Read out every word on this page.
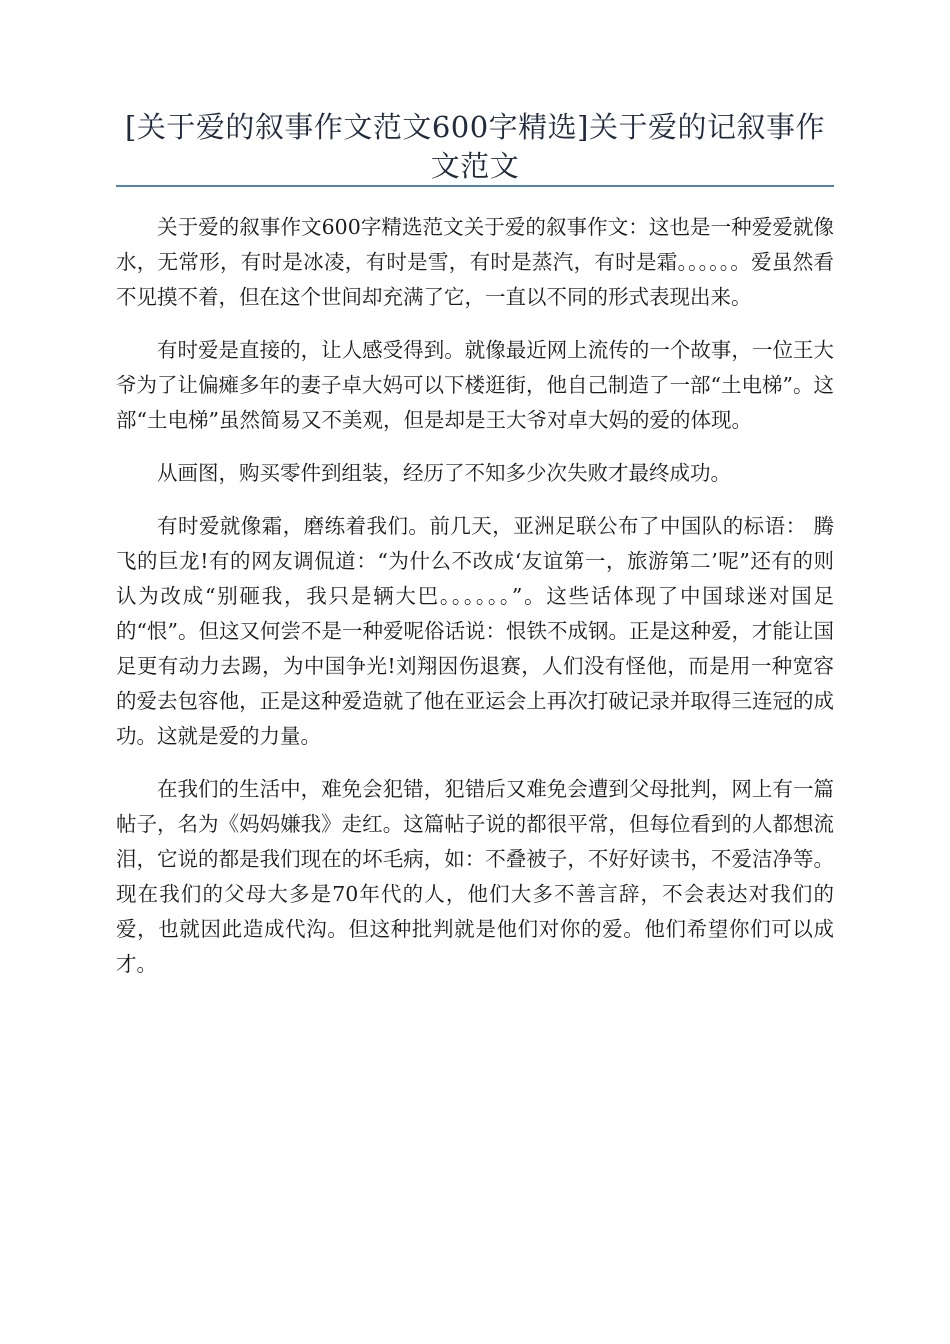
[关于爱的叙事作文范文600字精选]关于爱的记叙事作文范文

关于爱的叙事作文600字精选范文关于爱的叙事作文：这也是一种爱爱就像水，无常形，有时是冰凌，有时是雪，有时是蒸汽，有时是霜。。。。。。爱虽然看不见摸不着，但在这个世间却充满了它，一直以不同的形式表现出来。

有时爱是直接的，让人感受得到。就像最近网上流传的一个故事，一位王大爷为了让偏瘫多年的妻子卓大妈可以下楼逛街，他自己制造了一部“土电梯”。这部“土电梯”虽然简易又不美观，但是却是王大爷对卓大妈的爱的体现。

从画图，购买零件到组装，经历了不知多少次失败才最终成功。

有时爱就像霜，磨练着我们。前几天，亚洲足联公布了中国队的标语： 腾飞的巨龙!有的网友调侃道：“为什么不改成‘友谊第一，旅游第二’呢”还有的则认为改成“别砸我，我只是辆大巴。。。。。。”。这些话体现了中国球迷对国足的“恨”。但这又何尝不是一种爱呢俗话说：恨铁不成钢。正是这种爱，才能让国足更有动力去踢，为中国争光!刘翔因伤退赛，人们没有怪他，而是用一种宽容的爱去包容他，正是这种爱造就了他在亚运会上再次打破记录并取得三连冠的成功。这就是爱的力量。

在我们的生活中，难免会犯错，犯错后又难免会遭到父母批判，网上有一篇帖子，名为《妈妈嫌我》走红。这篇帖子说的都很平常，但每位看到的人都想流泪，它说的都是我们现在的坏毛病，如：不叠被子，不好好读书，不爱洁净等。现在我们的父母大多是70年代的人，他们大多不善言辞，不会表达对我们的爱，也就因此造成代沟。但这种批判就是他们对你的爱。他们希望你们可以成才。
